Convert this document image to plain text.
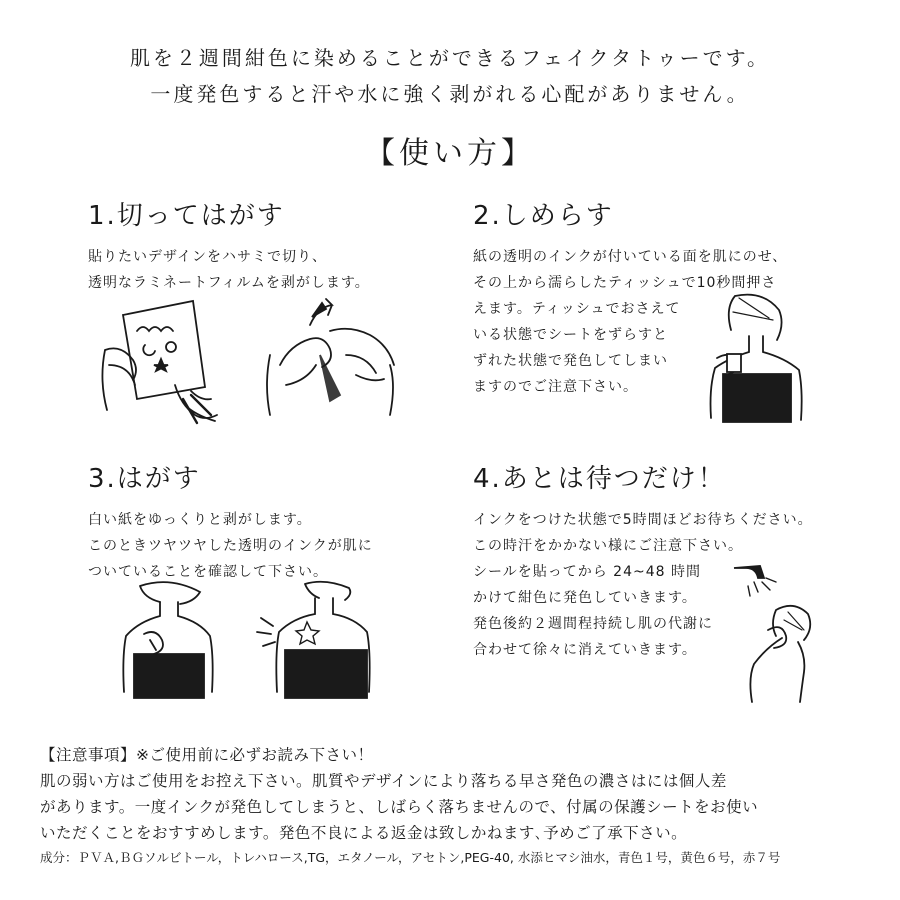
肌を２週間紺色に染めることができるフェイクタトゥーです。
一度発色すると汗や水に強く剥がれる心配がありません。
【使い方】
1.切ってはがす

貼りたいデザインをハサミで切り、

透明なラミネートフィルムを剥がします。

2.しめらす

紙の透明のインクが付いている面を肌にのせ、

その上から濡らしたティッシュで10秒間押さ

えます。ティッシュでおさえて

いる状態でシートをずらすと

ずれた状態で発色してしまい

ますのでご注意下さい。

3.はがす

白い紙をゆっくりと剥がします。

このときツヤツヤした透明のインクが肌に

ついていることを確認して下さい。

4.あとは待つだけ！

インクをつけた状態で5時間ほどお待ちください。

この時汗をかかない様にご注意下さい。

シールを貼ってから 24~48 時間

かけて紺色に発色していきます。

発色後約２週間程持続し肌の代謝に

合わせて徐々に消えていきます。

【注意事項】※ご使用前に必ずお読み下さい！
肌の弱い方はご使用をお控え下さい。肌質やデザインにより落ちる早さ発色の濃さはには個人差
があります。一度インクが発色してしまうと、しばらく落ちませんので、付属の保護シートをお使い
いただくことをおすすめします。発色不良による返金は致しかねます､予めご了承下さい。
成分：ＰＶＡ,ＢＧソルビトール，トレハロース,TG，エタノール，アセトン,PEG-40, 水添ヒマシ油水，青色１号，黄色６号，赤７号
